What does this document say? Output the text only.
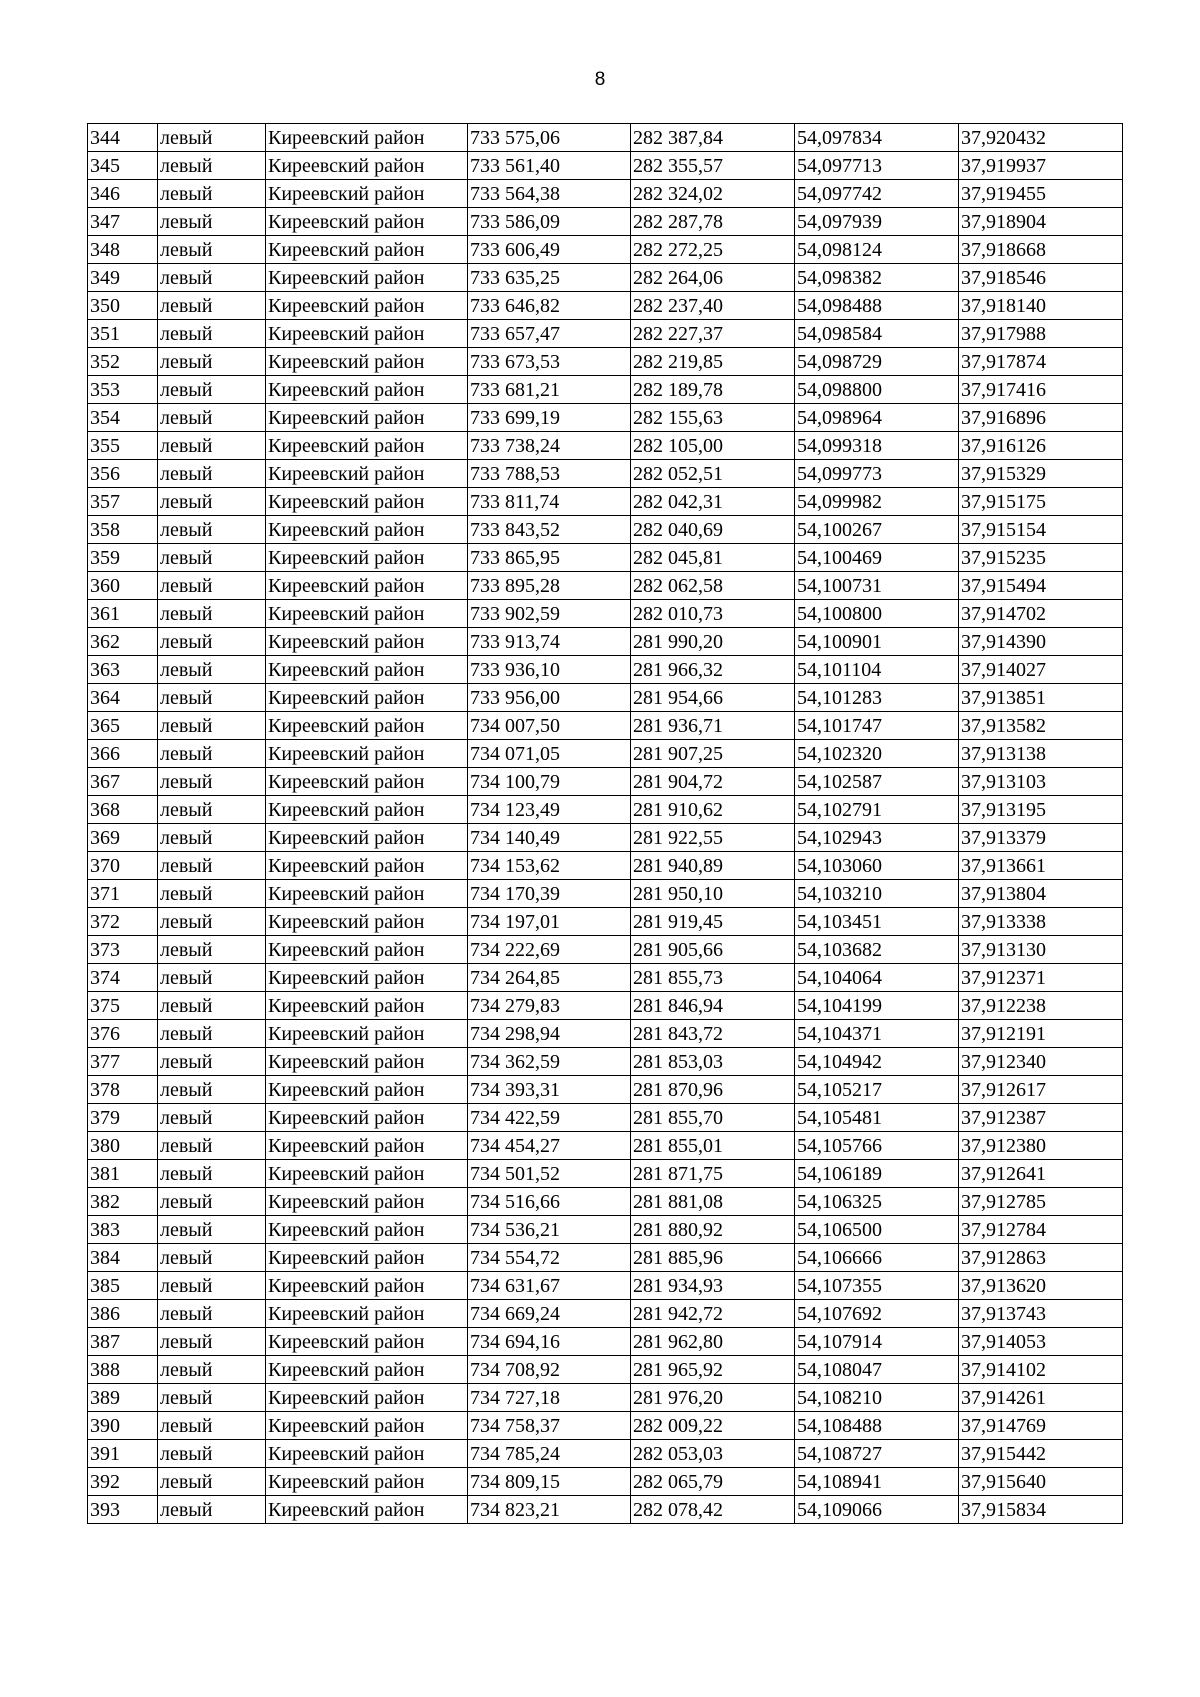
8
344	левый	Киреевский район	733 575,06	282 387,84	54,097834	37,920432
345	левый	Киреевский район	733 561,40	282 355,57	54,097713	37,919937
346	левый	Киреевский район	733 564,38	282 324,02	54,097742	37,919455
347	левый	Киреевский район	733 586,09	282 287,78	54,097939	37,918904
348	левый	Киреевский район	733 606,49	282 272,25	54,098124	37,918668
349	левый	Киреевский район	733 635,25	282 264,06	54,098382	37,918546
350	левый	Киреевский район	733 646,82	282 237,40	54,098488	37,918140
351	левый	Киреевский район	733 657,47	282 227,37	54,098584	37,917988
352	левый	Киреевский район	733 673,53	282 219,85	54,098729	37,917874
353	левый	Киреевский район	733 681,21	282 189,78	54,098800	37,917416
354	левый	Киреевский район	733 699,19	282 155,63	54,098964	37,916896
355	левый	Киреевский район	733 738,24	282 105,00	54,099318	37,916126
356	левый	Киреевский район	733 788,53	282 052,51	54,099773	37,915329
357	левый	Киреевский район	733 811,74	282 042,31	54,099982	37,915175
358	левый	Киреевский район	733 843,52	282 040,69	54,100267	37,915154
359	левый	Киреевский район	733 865,95	282 045,81	54,100469	37,915235
360	левый	Киреевский район	733 895,28	282 062,58	54,100731	37,915494
361	левый	Киреевский район	733 902,59	282 010,73	54,100800	37,914702
362	левый	Киреевский район	733 913,74	281 990,20	54,100901	37,914390
363	левый	Киреевский район	733 936,10	281 966,32	54,101104	37,914027
364	левый	Киреевский район	733 956,00	281 954,66	54,101283	37,913851
365	левый	Киреевский район	734 007,50	281 936,71	54,101747	37,913582
366	левый	Киреевский район	734 071,05	281 907,25	54,102320	37,913138
367	левый	Киреевский район	734 100,79	281 904,72	54,102587	37,913103
368	левый	Киреевский район	734 123,49	281 910,62	54,102791	37,913195
369	левый	Киреевский район	734 140,49	281 922,55	54,102943	37,913379
370	левый	Киреевский район	734 153,62	281 940,89	54,103060	37,913661
371	левый	Киреевский район	734 170,39	281 950,10	54,103210	37,913804
372	левый	Киреевский район	734 197,01	281 919,45	54,103451	37,913338
373	левый	Киреевский район	734 222,69	281 905,66	54,103682	37,913130
374	левый	Киреевский район	734 264,85	281 855,73	54,104064	37,912371
375	левый	Киреевский район	734 279,83	281 846,94	54,104199	37,912238
376	левый	Киреевский район	734 298,94	281 843,72	54,104371	37,912191
377	левый	Киреевский район	734 362,59	281 853,03	54,104942	37,912340
378	левый	Киреевский район	734 393,31	281 870,96	54,105217	37,912617
379	левый	Киреевский район	734 422,59	281 855,70	54,105481	37,912387
380	левый	Киреевский район	734 454,27	281 855,01	54,105766	37,912380
381	левый	Киреевский район	734 501,52	281 871,75	54,106189	37,912641
382	левый	Киреевский район	734 516,66	281 881,08	54,106325	37,912785
383	левый	Киреевский район	734 536,21	281 880,92	54,106500	37,912784
384	левый	Киреевский район	734 554,72	281 885,96	54,106666	37,912863
385	левый	Киреевский район	734 631,67	281 934,93	54,107355	37,913620
386	левый	Киреевский район	734 669,24	281 942,72	54,107692	37,913743
387	левый	Киреевский район	734 694,16	281 962,80	54,107914	37,914053
388	левый	Киреевский район	734 708,92	281 965,92	54,108047	37,914102
389	левый	Киреевский район	734 727,18	281 976,20	54,108210	37,914261
390	левый	Киреевский район	734 758,37	282 009,22	54,108488	37,914769
391	левый	Киреевский район	734 785,24	282 053,03	54,108727	37,915442
392	левый	Киреевский район	734 809,15	282 065,79	54,108941	37,915640
393	левый	Киреевский район	734 823,21	282 078,42	54,109066	37,915834
